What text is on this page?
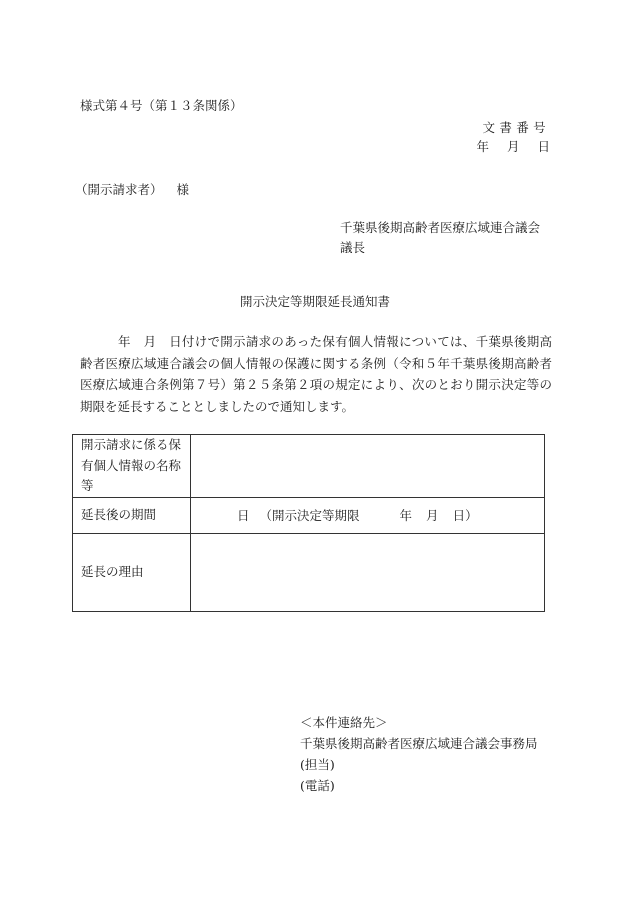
様式第４号（第１３条関係）
文書番号
年 月 日
（開示請求者） 様
千葉県後期高齢者医療広域連合議会
議長
開示決定等期限延長通知書
年　月　日付けで開示請求のあった保有個人情報については、千葉県後期高齢者医療広域連合議会の個人情報の保護に関する条例（令和５年千葉県後期高齢者医療広域連合条例第７号）第２５条第２項の規定により、次のとおり開示決定等の期限を延長することとしましたので通知します。
開示請求に係る保有個人情報の名称等	
延長後の期間	日 （開示決定等期限 年 月 日）
延長の理由	
＜本件連絡先＞
千葉県後期高齢者医療広域連合議会事務局
(担当)
(電話)
